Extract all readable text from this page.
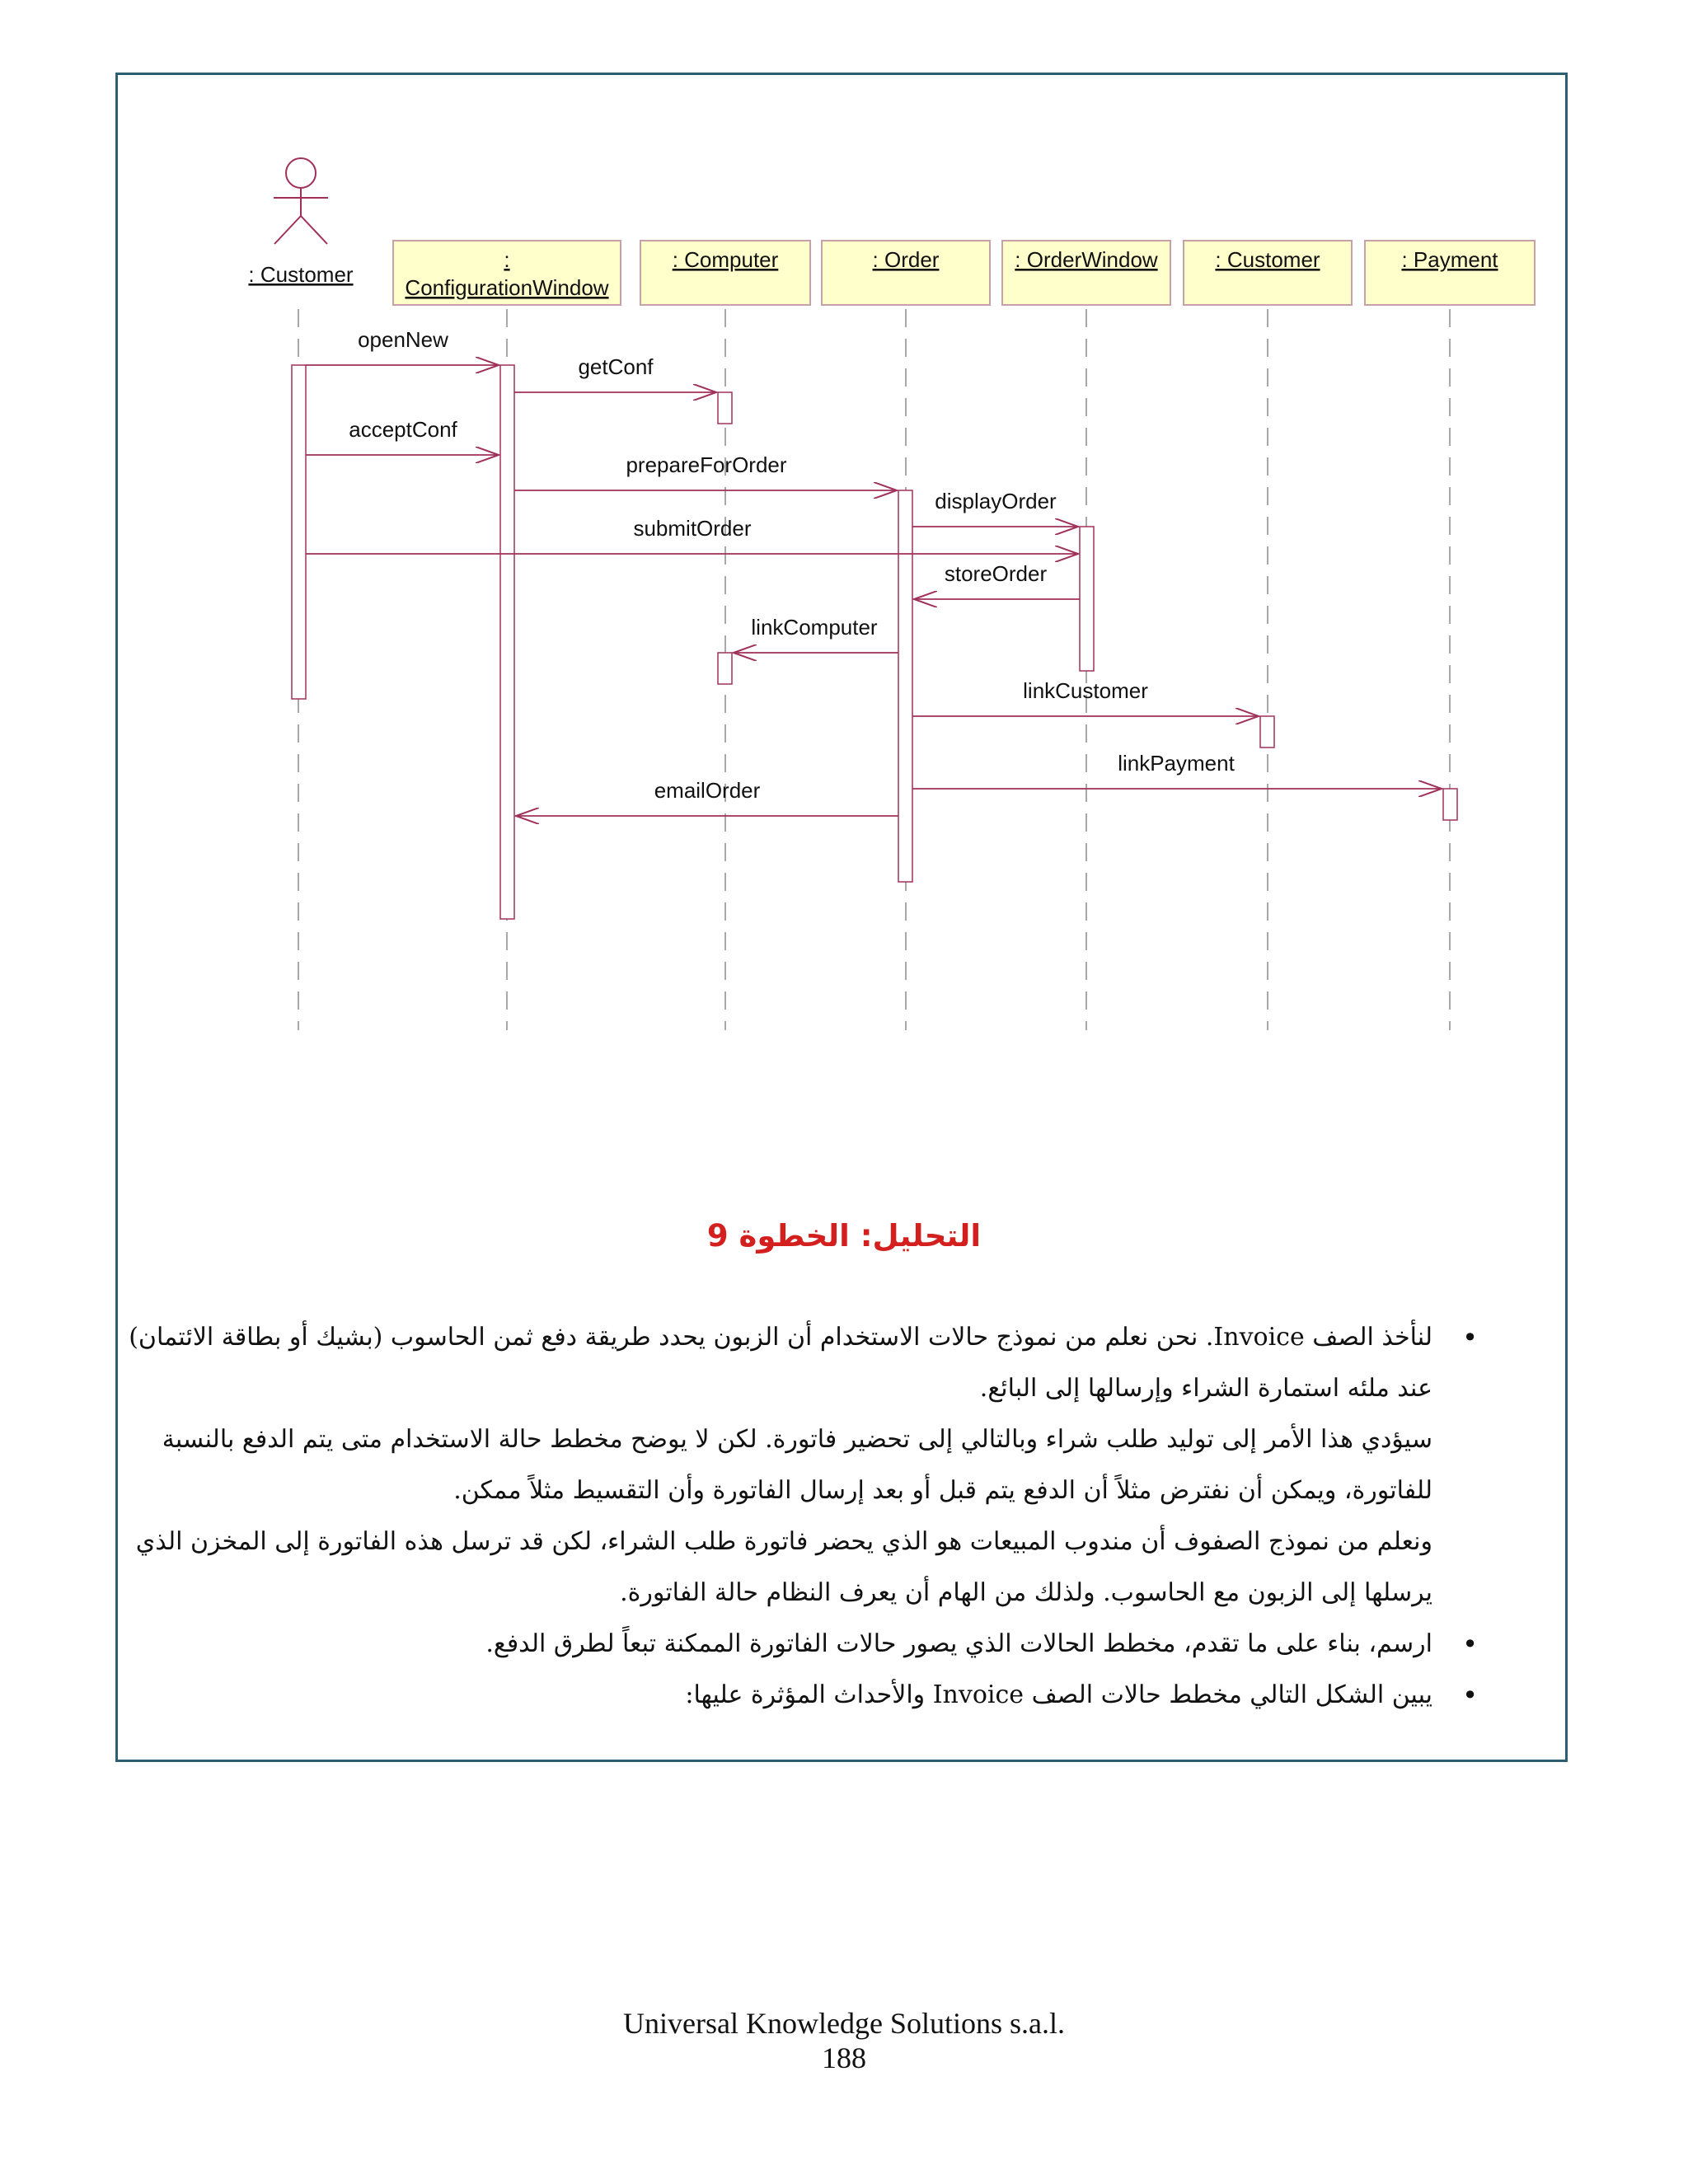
: Customer
:
ConfigurationWindow
: Computer	: Order	: OrderWindow	: Customer	: Payment
openNew
getConf
acceptConf
prepareForOrder
displayOrder
submitOrder
storeOrder
linkComputer
linkCustomer
linkPayment
emailOrder
التحليل: الخطوة 9
•
لنأخذ الصف Invoice. نحن نعلم من نموذج حالات الاستخدام أن الزبون يحدد طريقة دفع ثمن الحاسوب (بشيك أو بطاقة الائتمان)
عند ملئه استمارة الشراء وإرسالها إلى البائع.
سيؤدي هذا الأمر إلى توليد طلب شراء وبالتالي إلى تحضير فاتورة. لكن لا يوضح مخطط حالة الاستخدام متى يتم الدفع بالنسبة
للفاتورة، ويمكن أن نفترض مثلاً أن الدفع يتم قبل أو بعد إرسال الفاتورة وأن التقسيط مثلاً ممكن.
ونعلم من نموذج الصفوف أن مندوب المبيعات هو الذي يحضر فاتورة طلب الشراء، لكن قد ترسل هذه الفاتورة إلى المخزن الذي
يرسلها إلى الزبون مع الحاسوب. ولذلك من الهام أن يعرف النظام حالة الفاتورة.
•
ارسم، بناء على ما تقدم، مخطط الحالات الذي يصور حالات الفاتورة الممكنة تبعاً لطرق الدفع.
•
يبين الشكل التالي مخطط حالات الصف Invoice والأحداث المؤثرة عليها:
Universal Knowledge Solutions s.a.l.
188
